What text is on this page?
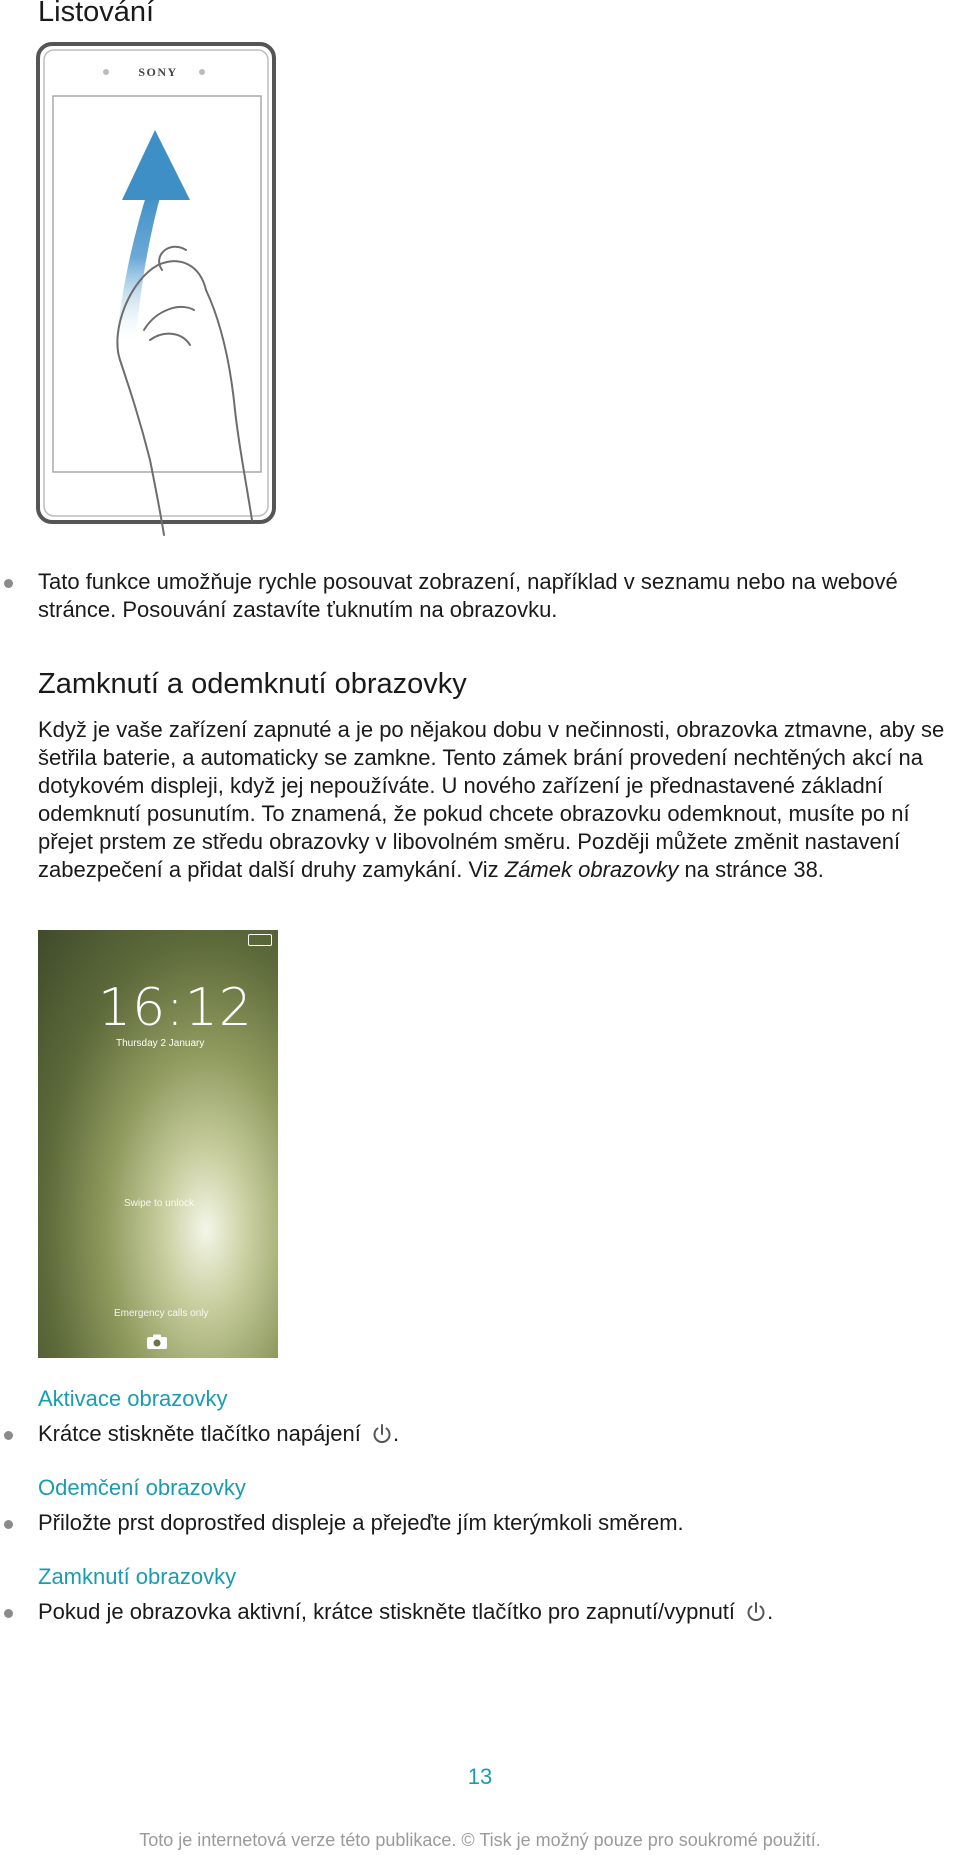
Listování
SONY
Tato funkce umožňuje rychle posouvat zobrazení, například v seznamu nebo na webové stránce. Posouvání zastavíte ťuknutím na obrazovku.
Zamknutí a odemknutí obrazovky

Když je vaše zařízení zapnuté a je po nějakou dobu v nečinnosti, obrazovka ztmavne, aby se šetřila baterie, a automaticky se zamkne. Tento zámek brání provedení nechtěných akcí na dotykovém displeji, když jej nepoužíváte. U nového zařízení je přednastavené základní odemknutí posunutím. To znamená, že pokud chcete obrazovku odemknout, musíte po ní přejet prstem ze středu obrazovky v libovolném směru. Později můžete změnit nastavení zabezpečení a přidat další druhy zamykání. Viz Zámek obrazovky na stránce 38.

16:12
Thursday 2 January
Swipe to unlock
Emergency calls only
Aktivace obrazovky
Krátce stiskněte tlačítko napájení .
Odemčení obrazovky
Přiložte prst doprostřed displeje a přejeďte jím kterýmkoli směrem.
Zamknutí obrazovky
Pokud je obrazovka aktivní, krátce stiskněte tlačítko pro zapnutí/vypnutí .
13
Toto je internetová verze této publikace. © Tisk je možný pouze pro soukromé použití.
